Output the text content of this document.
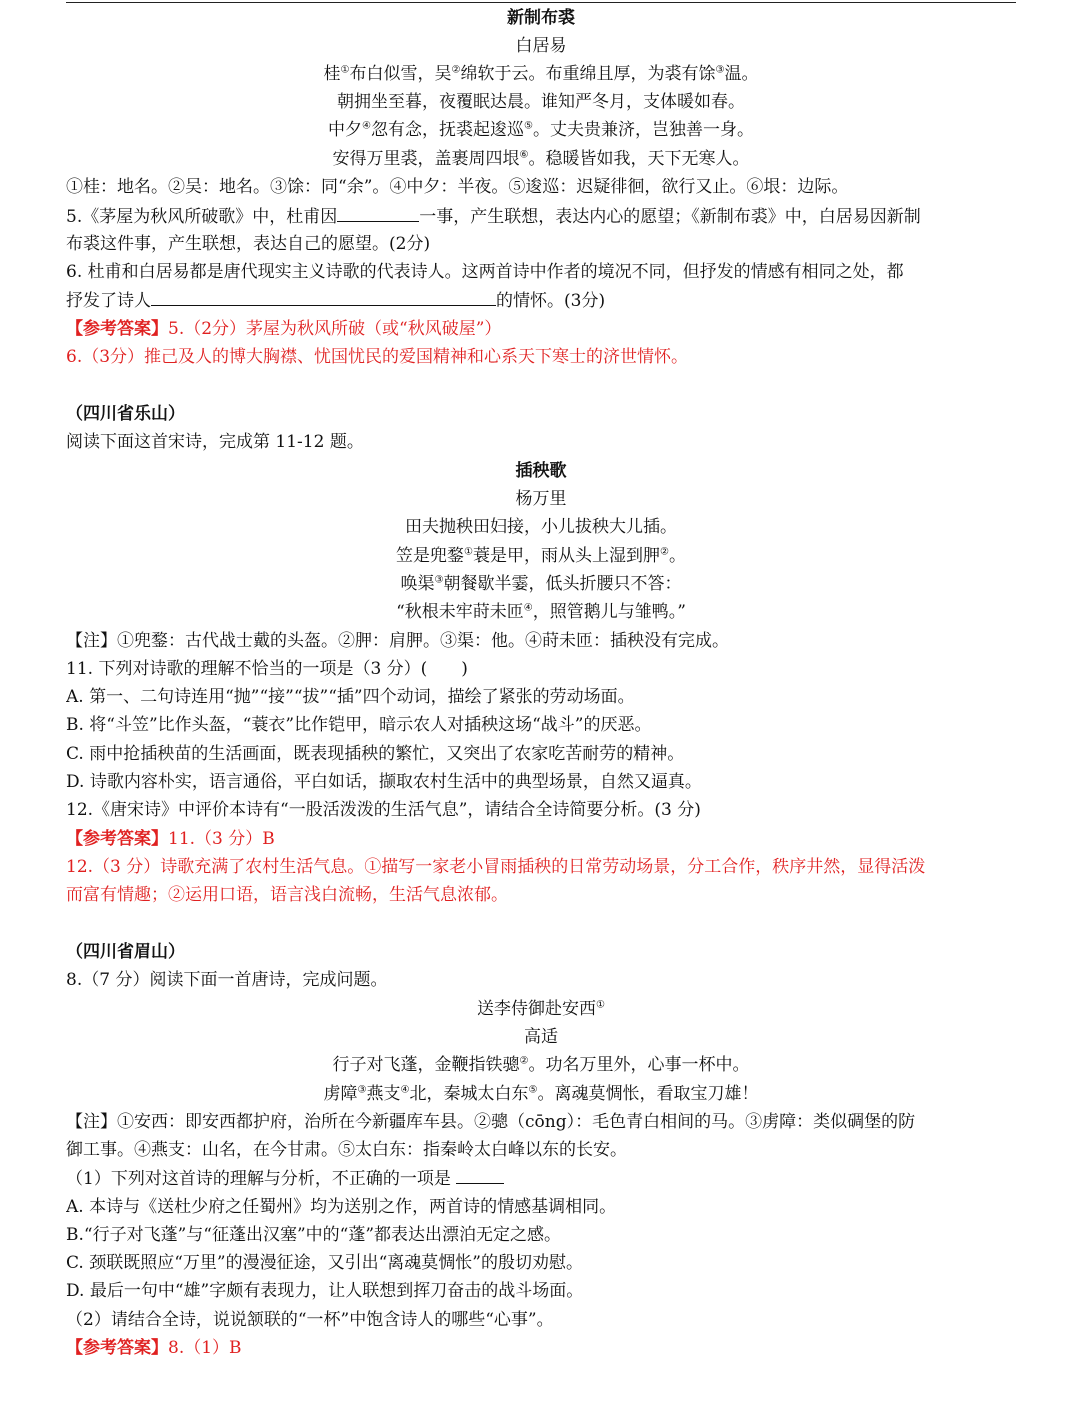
新制布裘
白居易
桂①布白似雪，吴②绵软于云。布重绵且厚，为裘有馀③温。
朝拥坐至暮，夜覆眠达晨。谁知严冬月，支体暖如春。
中夕④忽有念，抚裘起逡巡⑤。丈夫贵兼济，岂独善一身。
安得万里裘，盖裹周四垠⑥。稳暖皆如我，天下无寒人。
①桂：地名。②吴：地名。③馀：同“余”。④中夕：半夜。⑤逡巡：迟疑徘徊，欲行又止。⑥垠：边际。
5.《茅屋为秋风所破歌》中，杜甫因	一事，产生联想，表达内心的愿望；《新制布裘》中，白居易因新制
布裘这件事，产生联想，表达自己的愿望。(2分)
6. 杜甫和白居易都是唐代现实主义诗歌的代表诗人。这两首诗中作者的境况不同，但抒发的情感有相同之处，都
抒发了诗人	的情怀。(3分)
【参考答案】5.（2分）茅屋为秋风所破（或“秋风破屋”）
6.（3分）推己及人的博大胸襟、忧国忧民的爱国精神和心系天下寒士的济世情怀。
（四川省乐山）
阅读下面这首宋诗，完成第 11-12 题。
插秧歌
杨万里
田夫抛秧田妇接，小儿拔秧大儿插。
笠是兜鍪①蓑是甲，雨从头上湿到胛②。
唤渠③朝餐歇半霎，低头折腰只不答：
“秋根未牢莳未匝④，照管鹅儿与雏鸭。”
【注】①兜鍪：古代战士戴的头盔。②胛：肩胛。③渠：他。④莳未匝：插秧没有完成。
11. 下列对诗歌的理解不恰当的一项是（3 分）(　　)
A. 第一、二句诗连用“抛”“接”“拔”“插”四个动词，描绘了紧张的劳动场面。
B. 将“斗笠”比作头盔，“蓑衣”比作铠甲，暗示农人对插秧这场“战斗”的厌恶。
C. 雨中抢插秧苗的生活画面，既表现插秧的繁忙，又突出了农家吃苦耐劳的精神。
D. 诗歌内容朴实，语言通俗，平白如话，撷取农村生活中的典型场景，自然又逼真。
12.《唐宋诗》中评价本诗有“一股活泼泼的生活气息”，请结合全诗简要分析。(3 分)
【参考答案】11.（3 分）B
12.（3 分）诗歌充满了农村生活气息。①描写一家老小冒雨插秧的日常劳动场景，分工合作，秩序井然，显得活泼
而富有情趣；②运用口语，语言浅白流畅，生活气息浓郁。
（四川省眉山）
8.（7 分）阅读下面一首唐诗，完成问题。
送李侍御赴安西①
高适
行子对飞蓬，金鞭指铁骢②。功名万里外，心事一杯中。
虏障③燕支④北，秦城太白东⑤。离魂莫惆怅，看取宝刀雄！
【注】①安西：即安西都护府，治所在今新疆库车县。②骢（cōng）：毛色青白相间的马。③虏障：类似碉堡的防
御工事。④燕支：山名，在今甘肃。⑤太白东：指秦岭太白峰以东的长安。
（1）下列对这首诗的理解与分析，不正确的一项是
A. 本诗与《送杜少府之任蜀州》均为送别之作，两首诗的情感基调相同。
B.“行子对飞蓬”与“征蓬出汉塞”中的“蓬”都表达出漂泊无定之感。
C. 颈联既照应“万里”的漫漫征途，又引出“离魂莫惆怅”的殷切劝慰。
D. 最后一句中“雄”字颇有表现力，让人联想到挥刀奋击的战斗场面。
（2）请结合全诗，说说颔联的“一杯”中饱含诗人的哪些“心事”。
【参考答案】8.（1）B
